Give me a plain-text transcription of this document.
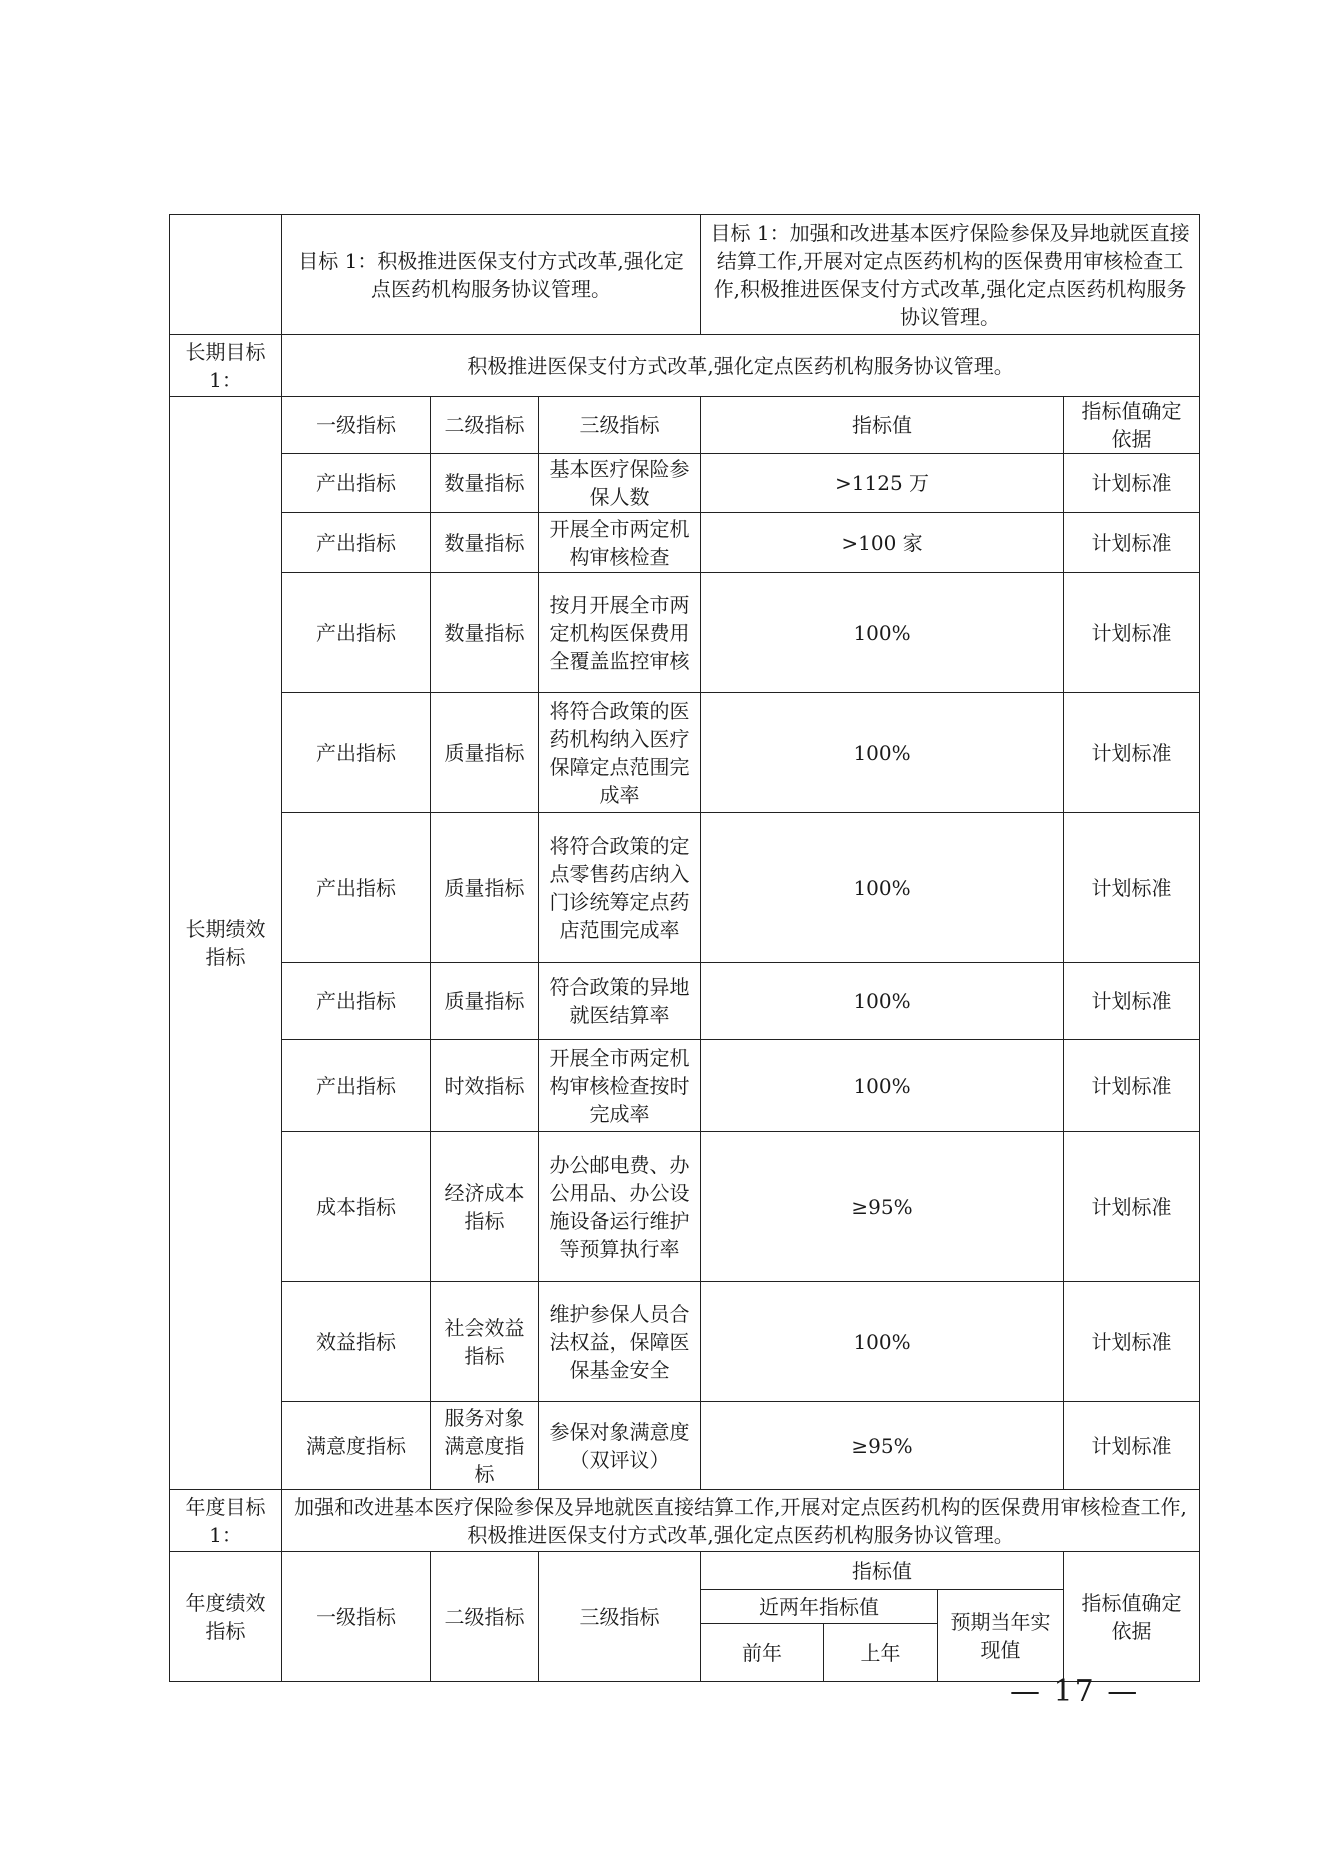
	目标 1：积极推进医保支付方式改革,强化定点医药机构服务协议管理。			目标 1：加强和改进基本医疗保险参保及异地就医直接结算工作,开展对定点医药机构的医保费用审核检查工作,积极推进医保支付方式改革,强化定点医药机构服务协议管理。			
长期目标 1：	积极推进医保支付方式改革,强化定点医药机构服务协议管理。						
长期绩效指标	一级指标	二级指标	三级指标	指标值			指标值确定依据
	产出指标	数量指标	基本医疗保险参保人数	>1125 万			计划标准
	产出指标	数量指标	开展全市两定机构审核检查	>100 家			计划标准
	产出指标	数量指标	按月开展全市两定机构医保费用全覆盖监控审核	100%			计划标准
	产出指标	质量指标	将符合政策的医药机构纳入医疗保障定点范围完成率	100%			计划标准
	产出指标	质量指标	将符合政策的定点零售药店纳入门诊统筹定点药店范围完成率	100%			计划标准
	产出指标	质量指标	符合政策的异地就医结算率	100%			计划标准
	产出指标	时效指标	开展全市两定机构审核检查按时完成率	100%			计划标准
	成本指标	经济成本指标	办公邮电费、办公用品、办公设施设备运行维护等预算执行率	≥95%			计划标准
	效益指标	社会效益指标	维护参保人员合法权益，保障医保基金安全	100%			计划标准
	满意度指标	服务对象满意度指标	参保对象满意度（双评议）	≥95%			计划标准
年度目标 1：	加强和改进基本医疗保险参保及异地就医直接结算工作,开展对定点医药机构的医保费用审核检查工作,积极推进医保支付方式改革,强化定点医药机构服务协议管理。						
年度绩效指标	一级指标	二级指标	三级指标	指标值			指标值确定依据
				近两年指标值		预期当年实现值	
				前年	上年		
— 17 —
